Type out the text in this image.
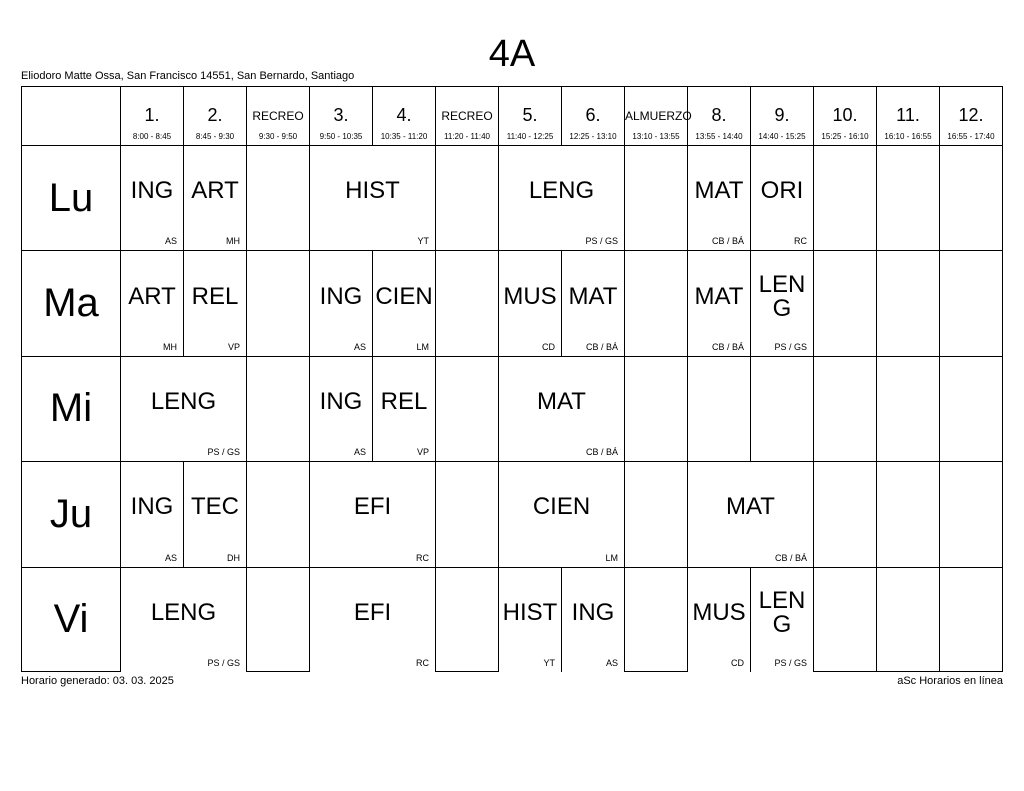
4A
Eliodoro Matte Ossa, San Francisco 14551, San Bernardo, Santiago
1.
8:00 - 8:45
2.
8:45 - 9:30
RECREO
9:30 - 9:50
3.
9:50 - 10:35
4.
10:35 - 11:20
RECREO
11:20 - 11:40
5.
11:40 - 12:25
6.
12:25 - 13:10
ALMUERZO
13:10 - 13:55
8.
13:55 - 14:40
9.
14:40 - 15:25
10.
15:25 - 16:10
11.
16:10 - 16:55
12.
16:55 - 17:40
Lu
Ma
Mi
Ju
Vi
ING
AS
ART
MH
HIST
YT
LENG
PS / GS
MAT
CB / BÁ
ORI
RC
ART
MH
REL
VP
ING
AS
CIEN
LM
MUS
CD
MAT
CB / BÁ
MAT
CB / BÁ
LENG
PS / GS
LENG
PS / GS
ING
AS
REL
VP
MAT
CB / BÁ
ING
AS
TEC
DH
EFI
RC
CIEN
LM
MAT
CB / BÁ
LENG
PS / GS
EFI
RC
HIST
YT
ING
AS
MUS
CD
LENG
PS / GS
Horario generado: 03. 03. 2025	aSc Horarios en línea
